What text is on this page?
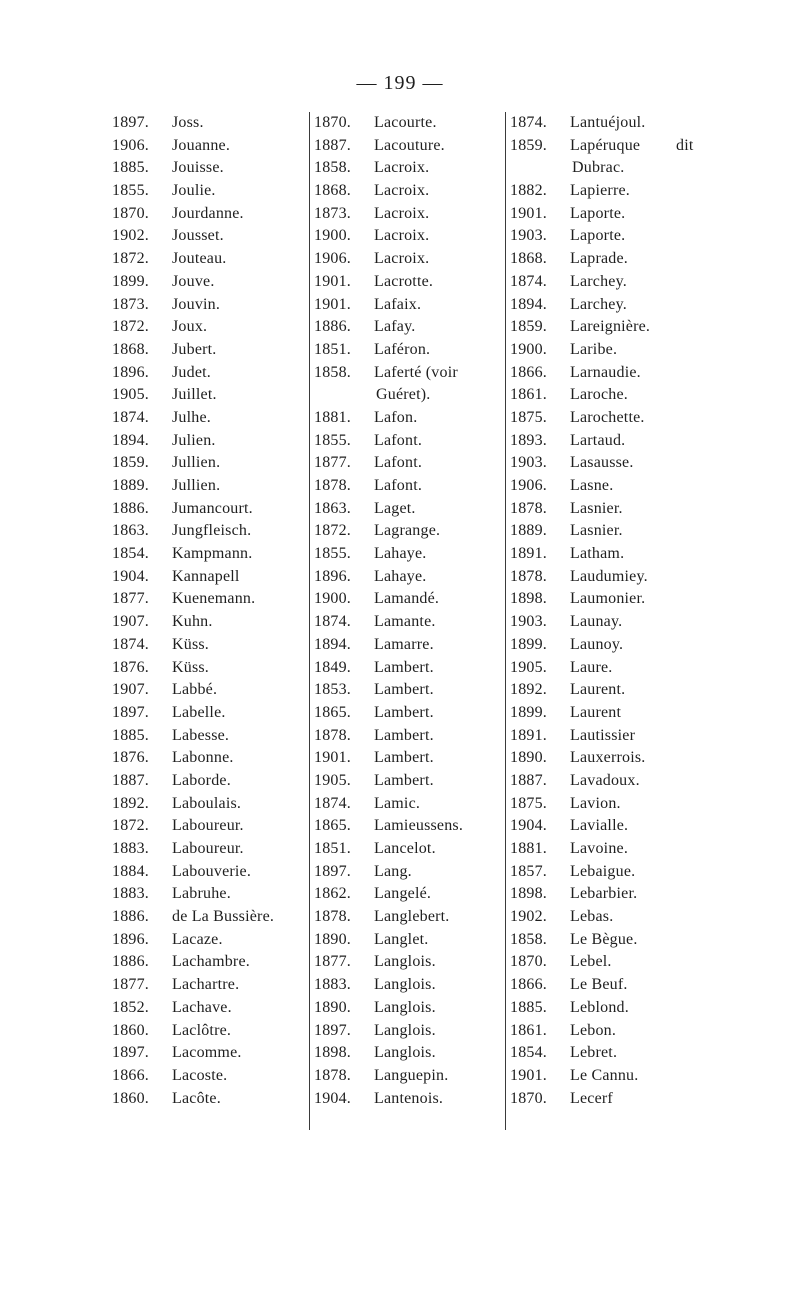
— 199 —
1897. Joss.
1906. Jouanne.
1885. Jouisse.
1855. Joulie.
1870. Jourdanne.
1902. Jousset.
1872. Jouteau.
1899. Jouve.
1873. Jouvin.
1872. Joux.
1868. Jubert.
1896. Judet.
1905. Juillet.
1874. Julhe.
1894. Julien.
1859. Jullien.
1889. Jullien.
1886. Jumancourt.
1863. Jungfleisch.
1854. Kampmann.
1904. Kannapell
1877. Kuenemann.
1907. Kuhn.
1874. Küss.
1876. Küss.
1907. Labbé.
1897. Labelle.
1885. Labesse.
1876. Labonne.
1887. Laborde.
1892. Laboulais.
1872. Laboureur.
1883. Laboureur.
1884. Labouverie.
1883. Labruhe.
1886. de La Bussière.
1896. Lacaze.
1886. Lachambre.
1877. Lachartre.
1852. Lachave.
1860. Laclôtre.
1897. Lacomme.
1866. Lacoste.
1860. Lacôte.
1870. Lacourte.
1887. Lacouture.
1858. Lacroix.
1868. Lacroix.
1873. Lacroix.
1900. Lacroix.
1906. Lacroix.
1901. Lacrotte.
1901. Lafaix.
1886. Lafay.
1851. Laféron.
1858. Laferté (voir
Guéret).
1881. Lafon.
1855. Lafont.
1877. Lafont.
1878. Lafont.
1863. Laget.
1872. Lagrange.
1855. Lahaye.
1896. Lahaye.
1900. Lamandé.
1874. Lamante.
1894. Lamarre.
1849. Lambert.
1853. Lambert.
1865. Lambert.
1878. Lambert.
1901. Lambert.
1905. Lambert.
1874. Lamic.
1865. Lamieussens.
1851. Lancelot.
1897. Lang.
1862. Langelé.
1878. Langlebert.
1890. Langlet.
1877. Langlois.
1883. Langlois.
1890. Langlois.
1897. Langlois.
1898. Langlois.
1878. Languepin.
1904. Lantenois.
1874. Lantuéjoul.
1859. Lapéruque dit
Dubrac.
1882. Lapierre.
1901. Laporte.
1903. Laporte.
1868. Laprade.
1874. Larchey.
1894. Larchey.
1859. Lareignière.
1900. Laribe.
1866. Larnaudie.
1861. Laroche.
1875. Larochette.
1893. Lartaud.
1903. Lasausse.
1906. Lasne.
1878. Lasnier.
1889. Lasnier.
1891. Latham.
1878. Laudumiey.
1898. Laumonier.
1903. Launay.
1899. Launoy.
1905. Laure.
1892. Laurent.
1899. Laurent
1891. Lautissier
1890. Lauxerrois.
1887. Lavadoux.
1875. Lavion.
1904. Lavialle.
1881. Lavoine.
1857. Lebaigue.
1898. Lebarbier.
1902. Lebas.
1858. Le Bègue.
1870. Lebel.
1866. Le Beuf.
1885. Leblond.
1861. Lebon.
1854. Lebret.
1901. Le Cannu.
1870. Lecerf
